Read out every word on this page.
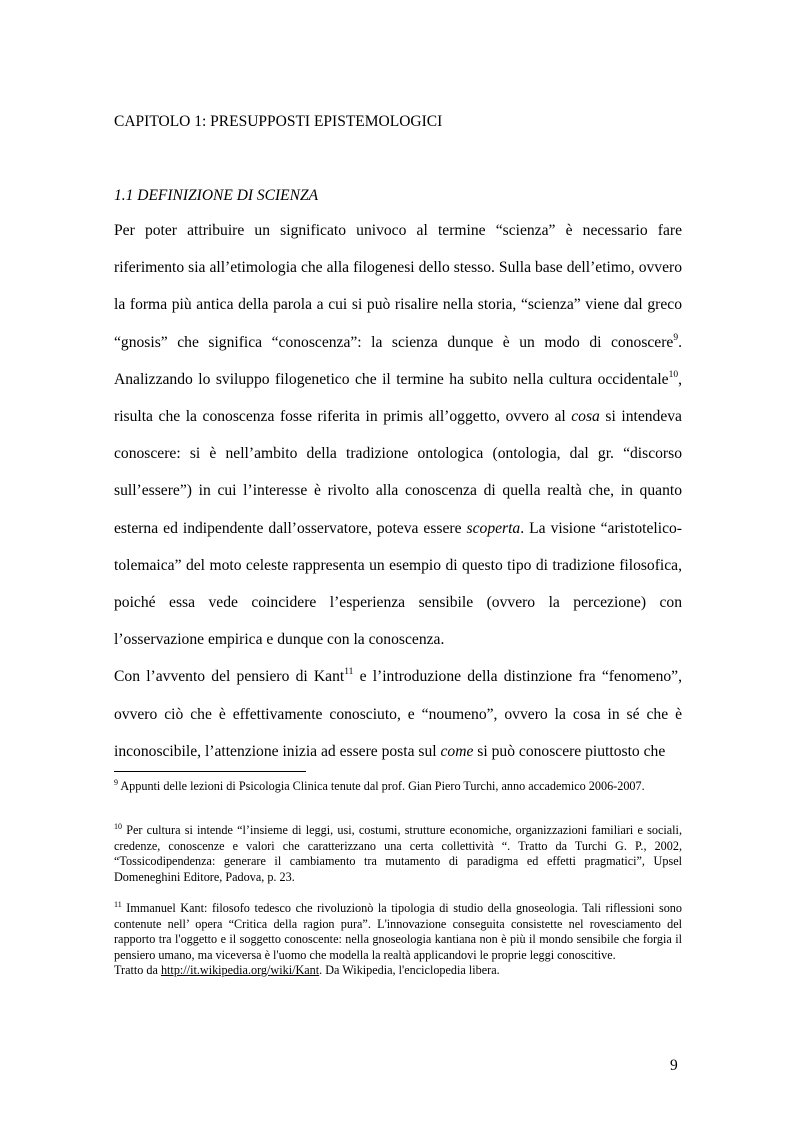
CAPITOLO 1: PRESUPPOSTI EPISTEMOLOGICI
1.1 DEFINIZIONE DI SCIENZA

Per poter attribuire un significato univoco al termine “scienza” è necessario fare riferimento sia all’etimologia che alla filogenesi dello stesso. Sulla base dell’etimo, ovvero la forma più antica della parola a cui si può risalire nella storia, “scienza” viene dal greco “gnosis” che significa “conoscenza”: la scienza dunque è un modo di conoscere$^9$. Analizzando lo sviluppo filogenetico che il termine ha subito nella cultura occidentale$^{10}$, risulta che la conoscenza fosse riferita in primis all’oggetto, ovvero al cosa si intendeva conoscere: si è nell’ambito della tradizione ontologica (ontologia, dal gr. “discorso sull’essere”) in cui l’interesse è rivolto alla conoscenza di quella realtà che, in quanto esterna ed indipendente dall’osservatore, poteva essere scoperta. La visione “aristotelico-tolemaica” del moto celeste rappresenta un esempio di questo tipo di tradizione filosofica, poiché essa vede coincidere l’esperienza sensibile (ovvero la percezione) con l’osservazione empirica e dunque con la conoscenza.

Con l’avvento del pensiero di Kant$^{11}$ e l’introduzione della distinzione fra “fenomeno”, ovvero ciò che è effettivamente conosciuto, e “noumeno”, ovvero la cosa in sé che è inconoscibile, l’attenzione inizia ad essere posta sul come si può conoscere piuttosto che

$^9$ Appunti delle lezioni di Psicologia Clinica tenute dal prof. Gian Piero Turchi, anno accademico 2006-2007.
$^{10}$ Per cultura si intende “l’insieme di leggi, usi, costumi, strutture economiche, organizzazioni familiari e sociali, credenze, conoscenze e valori che caratterizzano una certa collettività “. Tratto da Turchi G. P., 2002, “Tossicodipendenza: generare il cambiamento tra mutamento di paradigma ed effetti pragmatici”, Upsel Domeneghini Editore, Padova, p. 23.
$^{11}$ Immanuel Kant: filosofo tedesco che rivoluzionò la tipologia di studio della gnoseologia. Tali riflessioni sono contenute nell’ opera “Critica della ragion pura”. L'innovazione conseguita consistette nel rovesciamento del rapporto tra l'oggetto e il soggetto conoscente: nella gnoseologia kantiana non è più il mondo sensibile che forgia il pensiero umano, ma viceversa è l'uomo che modella la realtà applicandovi le proprie leggi conoscitive.
Tratto da http://it.wikipedia.org/wiki/Kant. Da Wikipedia, l'enciclopedia libera.
9
